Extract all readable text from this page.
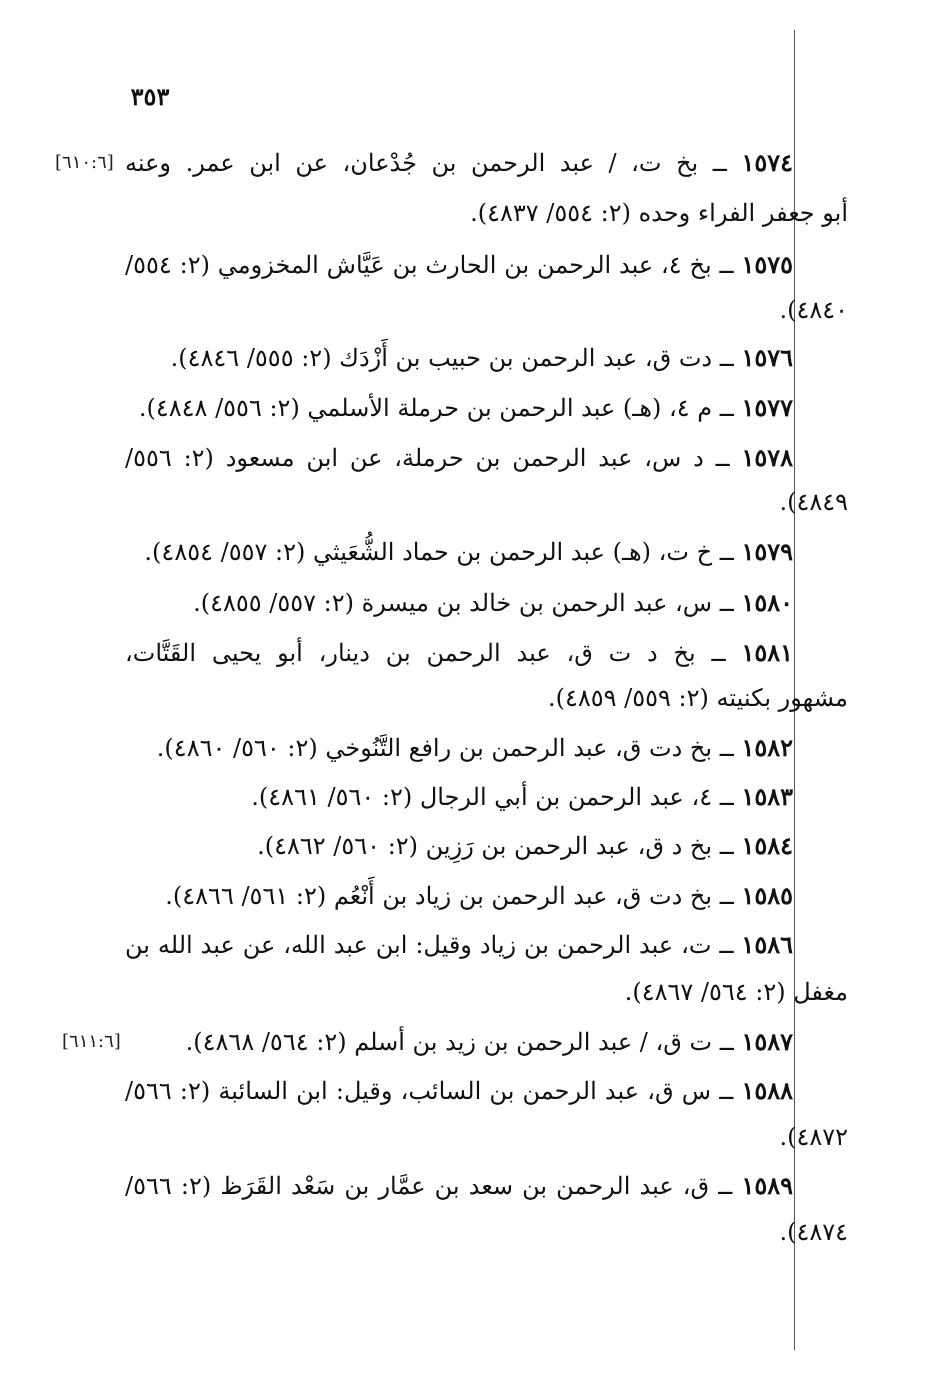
٣٥٣
١٥٧٤ ــ بخ ت، / عبد الرحمن بن جُدْعان، عن ابن عمر. وعنه
[٦١٠:٦]
أبو جعفر الفراء وحده (٢: ٥٥٤/ ٤٨٣٧).
١٥٧٥ ــ بخ ٤، عبد الرحمن بن الحارث بن عَيَّاش المخزومي (٢: ٥٥٤/
٤٨٤٠).
١٥٧٦ ــ دت ق، عبد الرحمن بن حبيب بن أَزْدَك (٢: ٥٥٥/ ٤٨٤٦).
١٥٧٧ ــ م ٤، (هـ) عبد الرحمن بن حرملة الأسلمي (٢: ٥٥٦/ ٤٨٤٨).
١٥٧٨ ــ د س، عبد الرحمن بن حرملة، عن ابن مسعود (٢: ٥٥٦/
٤٨٤٩).
١٥٧٩ ــ خ ت، (هـ) عبد الرحمن بن حماد الشُّعَيثي (٢: ٥٥٧/ ٤٨٥٤).
١٥٨٠ ــ س، عبد الرحمن بن خالد بن ميسرة (٢: ٥٥٧/ ٤٨٥٥).
١٥٨١ ــ بخ د ت ق، عبد الرحمن بن دينار، أبو يحيى القَتَّات،
مشهور بكنيته (٢: ٥٥٩/ ٤٨٥٩).
١٥٨٢ ــ بخ دت ق، عبد الرحمن بن رافع التَّنُوخي (٢: ٥٦٠/ ٤٨٦٠).
١٥٨٣ ــ ٤، عبد الرحمن بن أبي الرجال (٢: ٥٦٠/ ٤٨٦١).
١٥٨٤ ــ بخ د ق، عبد الرحمن بن رَزِين (٢: ٥٦٠/ ٤٨٦٢).
١٥٨٥ ــ بخ دت ق، عبد الرحمن بن زياد بن أَنْعُم (٢: ٥٦١/ ٤٨٦٦).
١٥٨٦ ــ ت، عبد الرحمن بن زياد وقيل: ابن عبد الله، عن عبد الله بن
مغفل (٢: ٥٦٤/ ٤٨٦٧).
١٥٨٧ ــ ت ق، / عبد الرحمن بن زيد بن أسلم (٢: ٥٦٤/ ٤٨٦٨).
[٦١١:٦]
١٥٨٨ ــ س ق، عبد الرحمن بن السائب، وقيل: ابن السائبة (٢: ٥٦٦/
٤٨٧٢).
١٥٨٩ ــ ق، عبد الرحمن بن سعد بن عمَّار بن سَعْد القَرَظ (٢: ٥٦٦/
٤٨٧٤).
